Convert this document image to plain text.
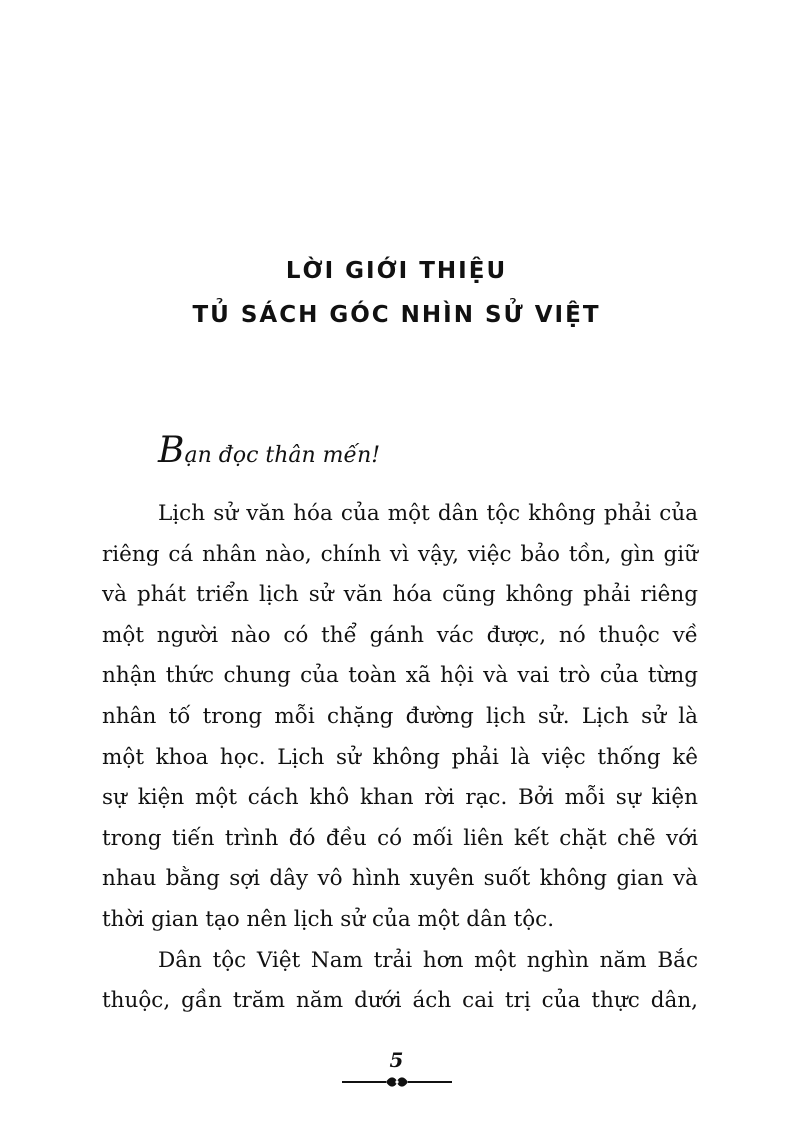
LỜI GIỚI THIỆU
TỦ SÁCH GÓC NHÌN SỬ VIỆT
Bạn đọc thân mến!
Lịch sử văn hóa của một dân tộc không phải của
riêng cá nhân nào, chính vì vậy, việc bảo tồn, gìn giữ
và phát triển lịch sử văn hóa cũng không phải riêng
một người nào có thể gánh vác được, nó thuộc về
nhận thức chung của toàn xã hội và vai trò của từng
nhân tố trong mỗi chặng đường lịch sử. Lịch sử là
một khoa học. Lịch sử không phải là việc thống kê
sự kiện một cách khô khan rời rạc. Bởi mỗi sự kiện
trong tiến trình đó đều có mối liên kết chặt chẽ với
nhau bằng sợi dây vô hình xuyên suốt không gian và
thời gian tạo nên lịch sử của một dân tộc.
Dân tộc Việt Nam trải hơn một nghìn năm Bắc
thuộc, gần trăm năm dưới ách cai trị của thực dân,
5
